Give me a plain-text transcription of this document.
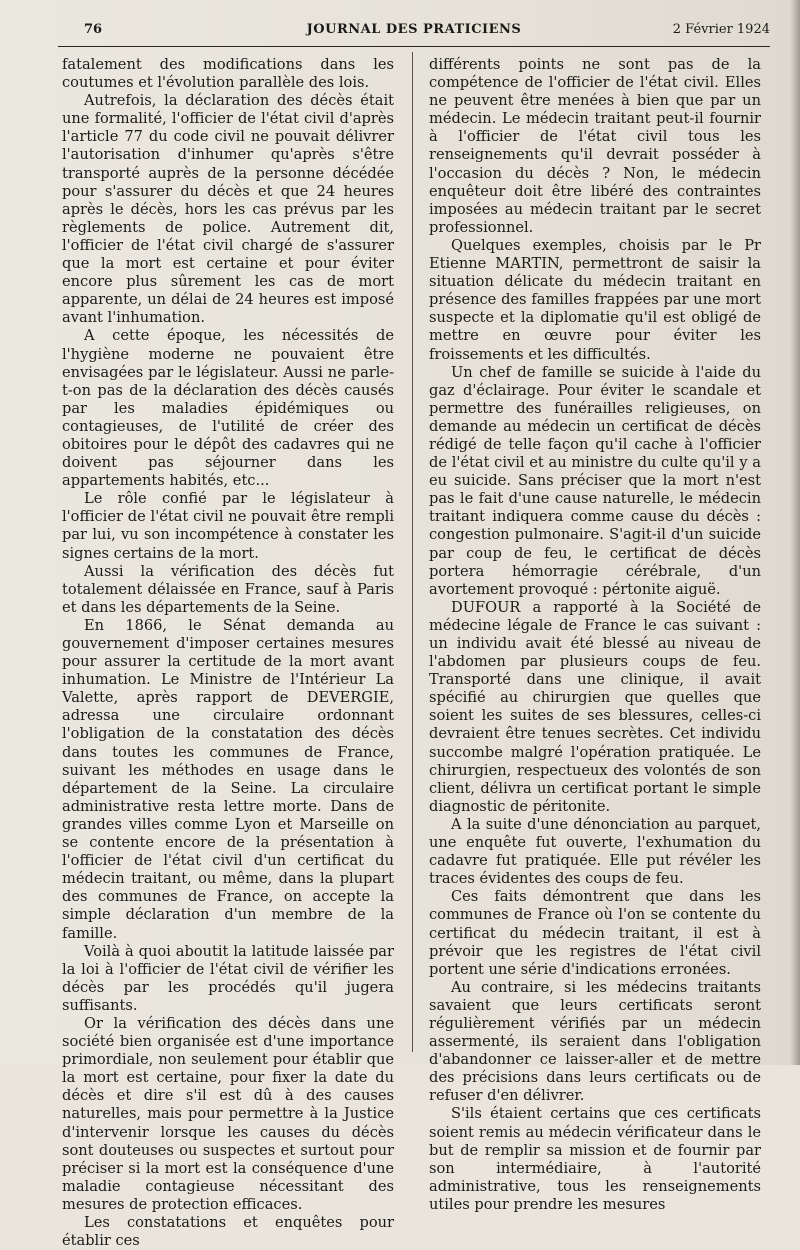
76	JOURNAL DES PRATICIENS	2 Février 1924

fatalement des modifications dans les coutumes et l'évolution parallèle des lois.

Autrefois, la déclaration des décès était une formalité, l'officier de l'état civil d'après l'article 77 du code civil ne pouvait délivrer l'autorisation d'inhumer qu'après s'être transporté auprès de la personne décédée pour s'assurer du décès et que 24 heures après le décès, hors les cas prévus par les règlements de police. Autrement dit, l'officier de l'état civil chargé de s'assurer que la mort est certaine et pour éviter encore plus sûrement les cas de mort apparente, un délai de 24 heures est imposé avant l'inhumation.

A cette époque, les nécessités de l'hygiène moderne ne pouvaient être envisagées par le législateur. Aussi ne parle-t-on pas de la déclaration des décès causés par les maladies épidémiques ou contagieuses, de l'utilité de créer des obitoires pour le dépôt des cadavres qui ne doivent pas séjourner dans les appartements habités, etc...

Le rôle confié par le législateur à l'officier de l'état civil ne pouvait être rempli par lui, vu son incompétence à constater les signes certains de la mort.

Aussi la vérification des décès fut totalement délaissée en France, sauf à Paris et dans les départements de la Seine.

En 1866, le Sénat demanda au gouvernement d'imposer certaines mesures pour assurer la certitude de la mort avant inhumation. Le Ministre de l'Intérieur La Valette, après rapport de DEVERGIE, adressa une circulaire ordonnant l'obligation de la constatation des décès dans toutes les communes de France, suivant les méthodes en usage dans le département de la Seine. La circulaire administrative resta lettre morte. Dans de grandes villes comme Lyon et Marseille on se contente encore de la présentation à l'officier de l'état civil d'un certificat du médecin traitant, ou même, dans la plupart des communes de France, on accepte la simple déclaration d'un membre de la famille.

Voilà à quoi aboutit la latitude laissée par la loi à l'officier de l'état civil de vérifier les décès par les procédés qu'il jugera suffisants.

Or la vérification des décès dans une société bien organisée est d'une importance primordiale, non seulement pour établir que la mort est certaine, pour fixer la date du décès et dire s'il est dû à des causes naturelles, mais pour permettre à la Justice d'intervenir lorsque les causes du décès sont douteuses ou suspectes et surtout pour préciser si la mort est la conséquence d'une maladie contagieuse nécessitant des mesures de protection efficaces.

Les constatations et enquêtes pour établir ces

différents points ne sont pas de la compétence de l'officier de l'état civil. Elles ne peuvent être menées à bien que par un médecin. Le médecin traitant peut-il fournir à l'officier de l'état civil tous les renseignements qu'il devrait posséder à l'occasion du décès ? Non, le médecin enquêteur doit être libéré des contraintes imposées au médecin traitant par le secret professionnel.

Quelques exemples, choisis par le Pr Etienne MARTIN, permettront de saisir la situation délicate du médecin traitant en présence des familles frappées par une mort suspecte et la diplomatie qu'il est obligé de mettre en œuvre pour éviter les froissements et les difficultés.

Un chef de famille se suicide à l'aide du gaz d'éclairage. Pour éviter le scandale et permettre des funérailles religieuses, on demande au médecin un certificat de décès rédigé de telle façon qu'il cache à l'officier de l'état civil et au ministre du culte qu'il y a eu suicide. Sans préciser que la mort n'est pas le fait d'une cause naturelle, le médecin traitant indiquera comme cause du décès : congestion pulmonaire. S'agit-il d'un suicide par coup de feu, le certificat de décès portera hémorragie cérébrale, d'un avortement provoqué : pértonite aiguë.

DUFOUR a rapporté à la Société de médecine légale de France le cas suivant : un individu avait été blessé au niveau de l'abdomen par plusieurs coups de feu. Transporté dans une clinique, il avait spécifié au chirurgien que quelles que soient les suites de ses blessures, celles-ci devraient être tenues secrètes. Cet individu succombe malgré l'opération pratiquée. Le chirurgien, respectueux des volontés de son client, délivra un certificat portant le simple diagnostic de péritonite.

A la suite d'une dénonciation au parquet, une enquête fut ouverte, l'exhumation du cadavre fut pratiquée. Elle put révéler les traces évidentes des coups de feu.

Ces faits démontrent que dans les communes de France où l'on se contente du certificat du médecin traitant, il est à prévoir que les registres de l'état civil portent une série d'indications erronées.

Au contraire, si les médecins traitants savaient que leurs certificats seront régulièrement vérifiés par un médecin assermenté, ils seraient dans l'obligation d'abandonner ce laisser-aller et de mettre des précisions dans leurs certificats ou de refuser d'en délivrer.

S'ils étaient certains que ces certificats soient remis au médecin vérificateur dans le but de remplir sa mission et de fournir par son intermédiaire, à l'autorité administrative, tous les renseignements utiles pour prendre les mesures
